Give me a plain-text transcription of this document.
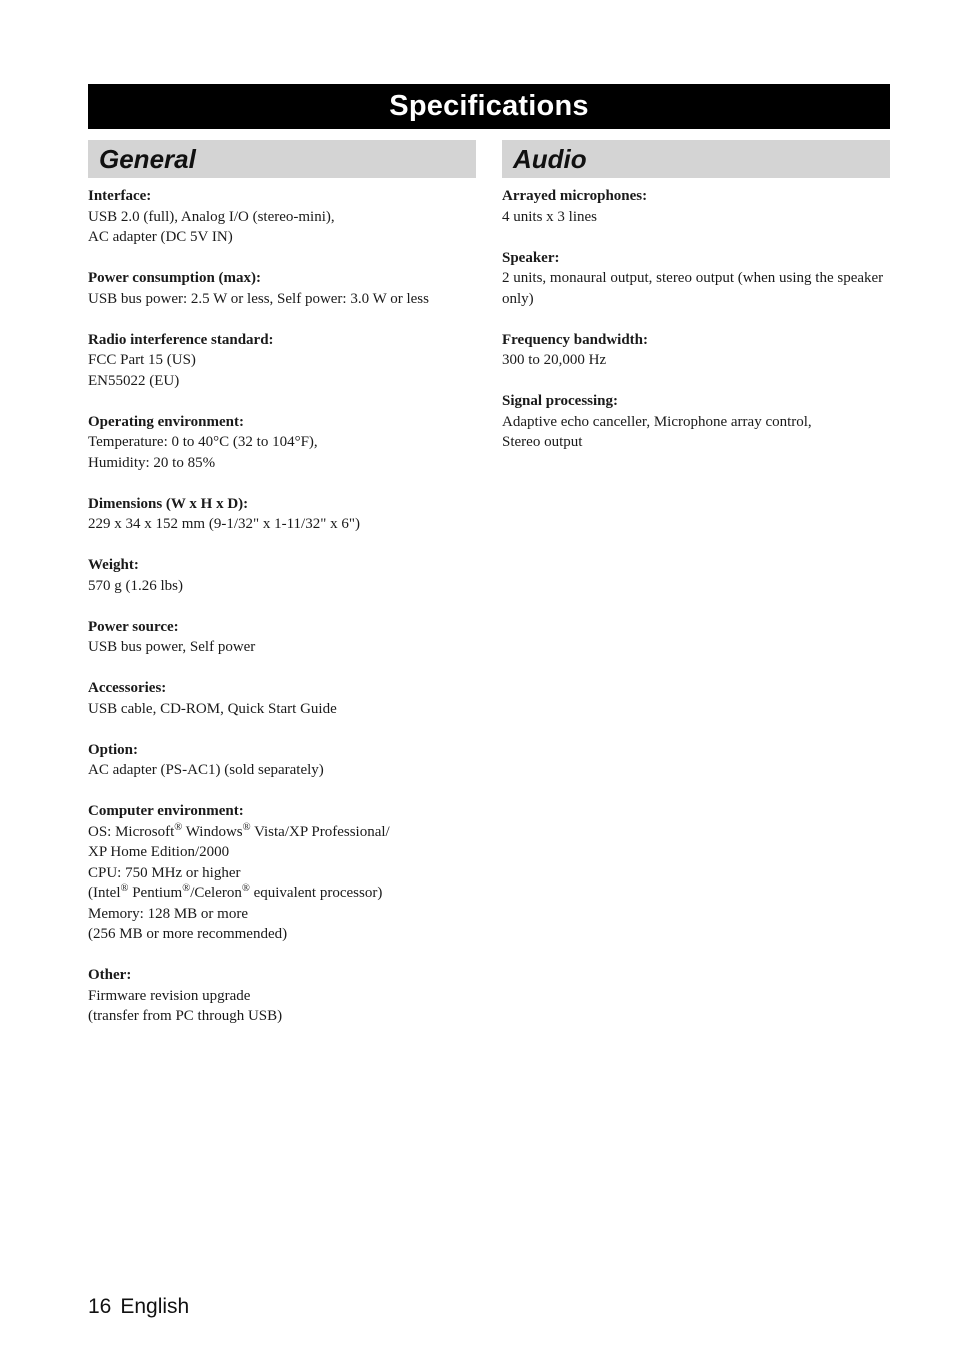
Specifications
General	Audio
Interface:
USB 2.0 (full), Analog I/O (stereo-mini),
AC adapter (DC 5V IN)
Power consumption (max):
USB bus power: 2.5 W or less, Self power: 3.0 W or less
Radio interference standard:
FCC Part 15 (US)
EN55022 (EU)
Operating environment:
Temperature: 0 to 40°C (32 to 104°F),
Humidity: 20 to 85%
Dimensions (W x H x D):
229 x 34 x 152 mm (9-1/32" x 1-11/32" x 6")
Weight:
570 g (1.26 lbs)
Power source:
USB bus power, Self power
Accessories:
USB cable, CD-ROM, Quick Start Guide
Option:
AC adapter (PS-AC1) (sold separately)
Computer environment:
OS: Microsoft® Windows® Vista/XP Professional/
XP Home Edition/2000
CPU: 750 MHz or higher
(Intel® Pentium®/Celeron® equivalent processor)
Memory: 128 MB or more
(256 MB or more recommended)
Other:
Firmware revision upgrade
(transfer from PC through USB)
Arrayed microphones:
4 units x 3 lines
Speaker:
2 units, monaural output, stereo output (when using the speaker only)
Frequency bandwidth:
300 to 20,000 Hz
Signal processing:
Adaptive echo canceller, Microphone array control,
Stereo output
16 English
